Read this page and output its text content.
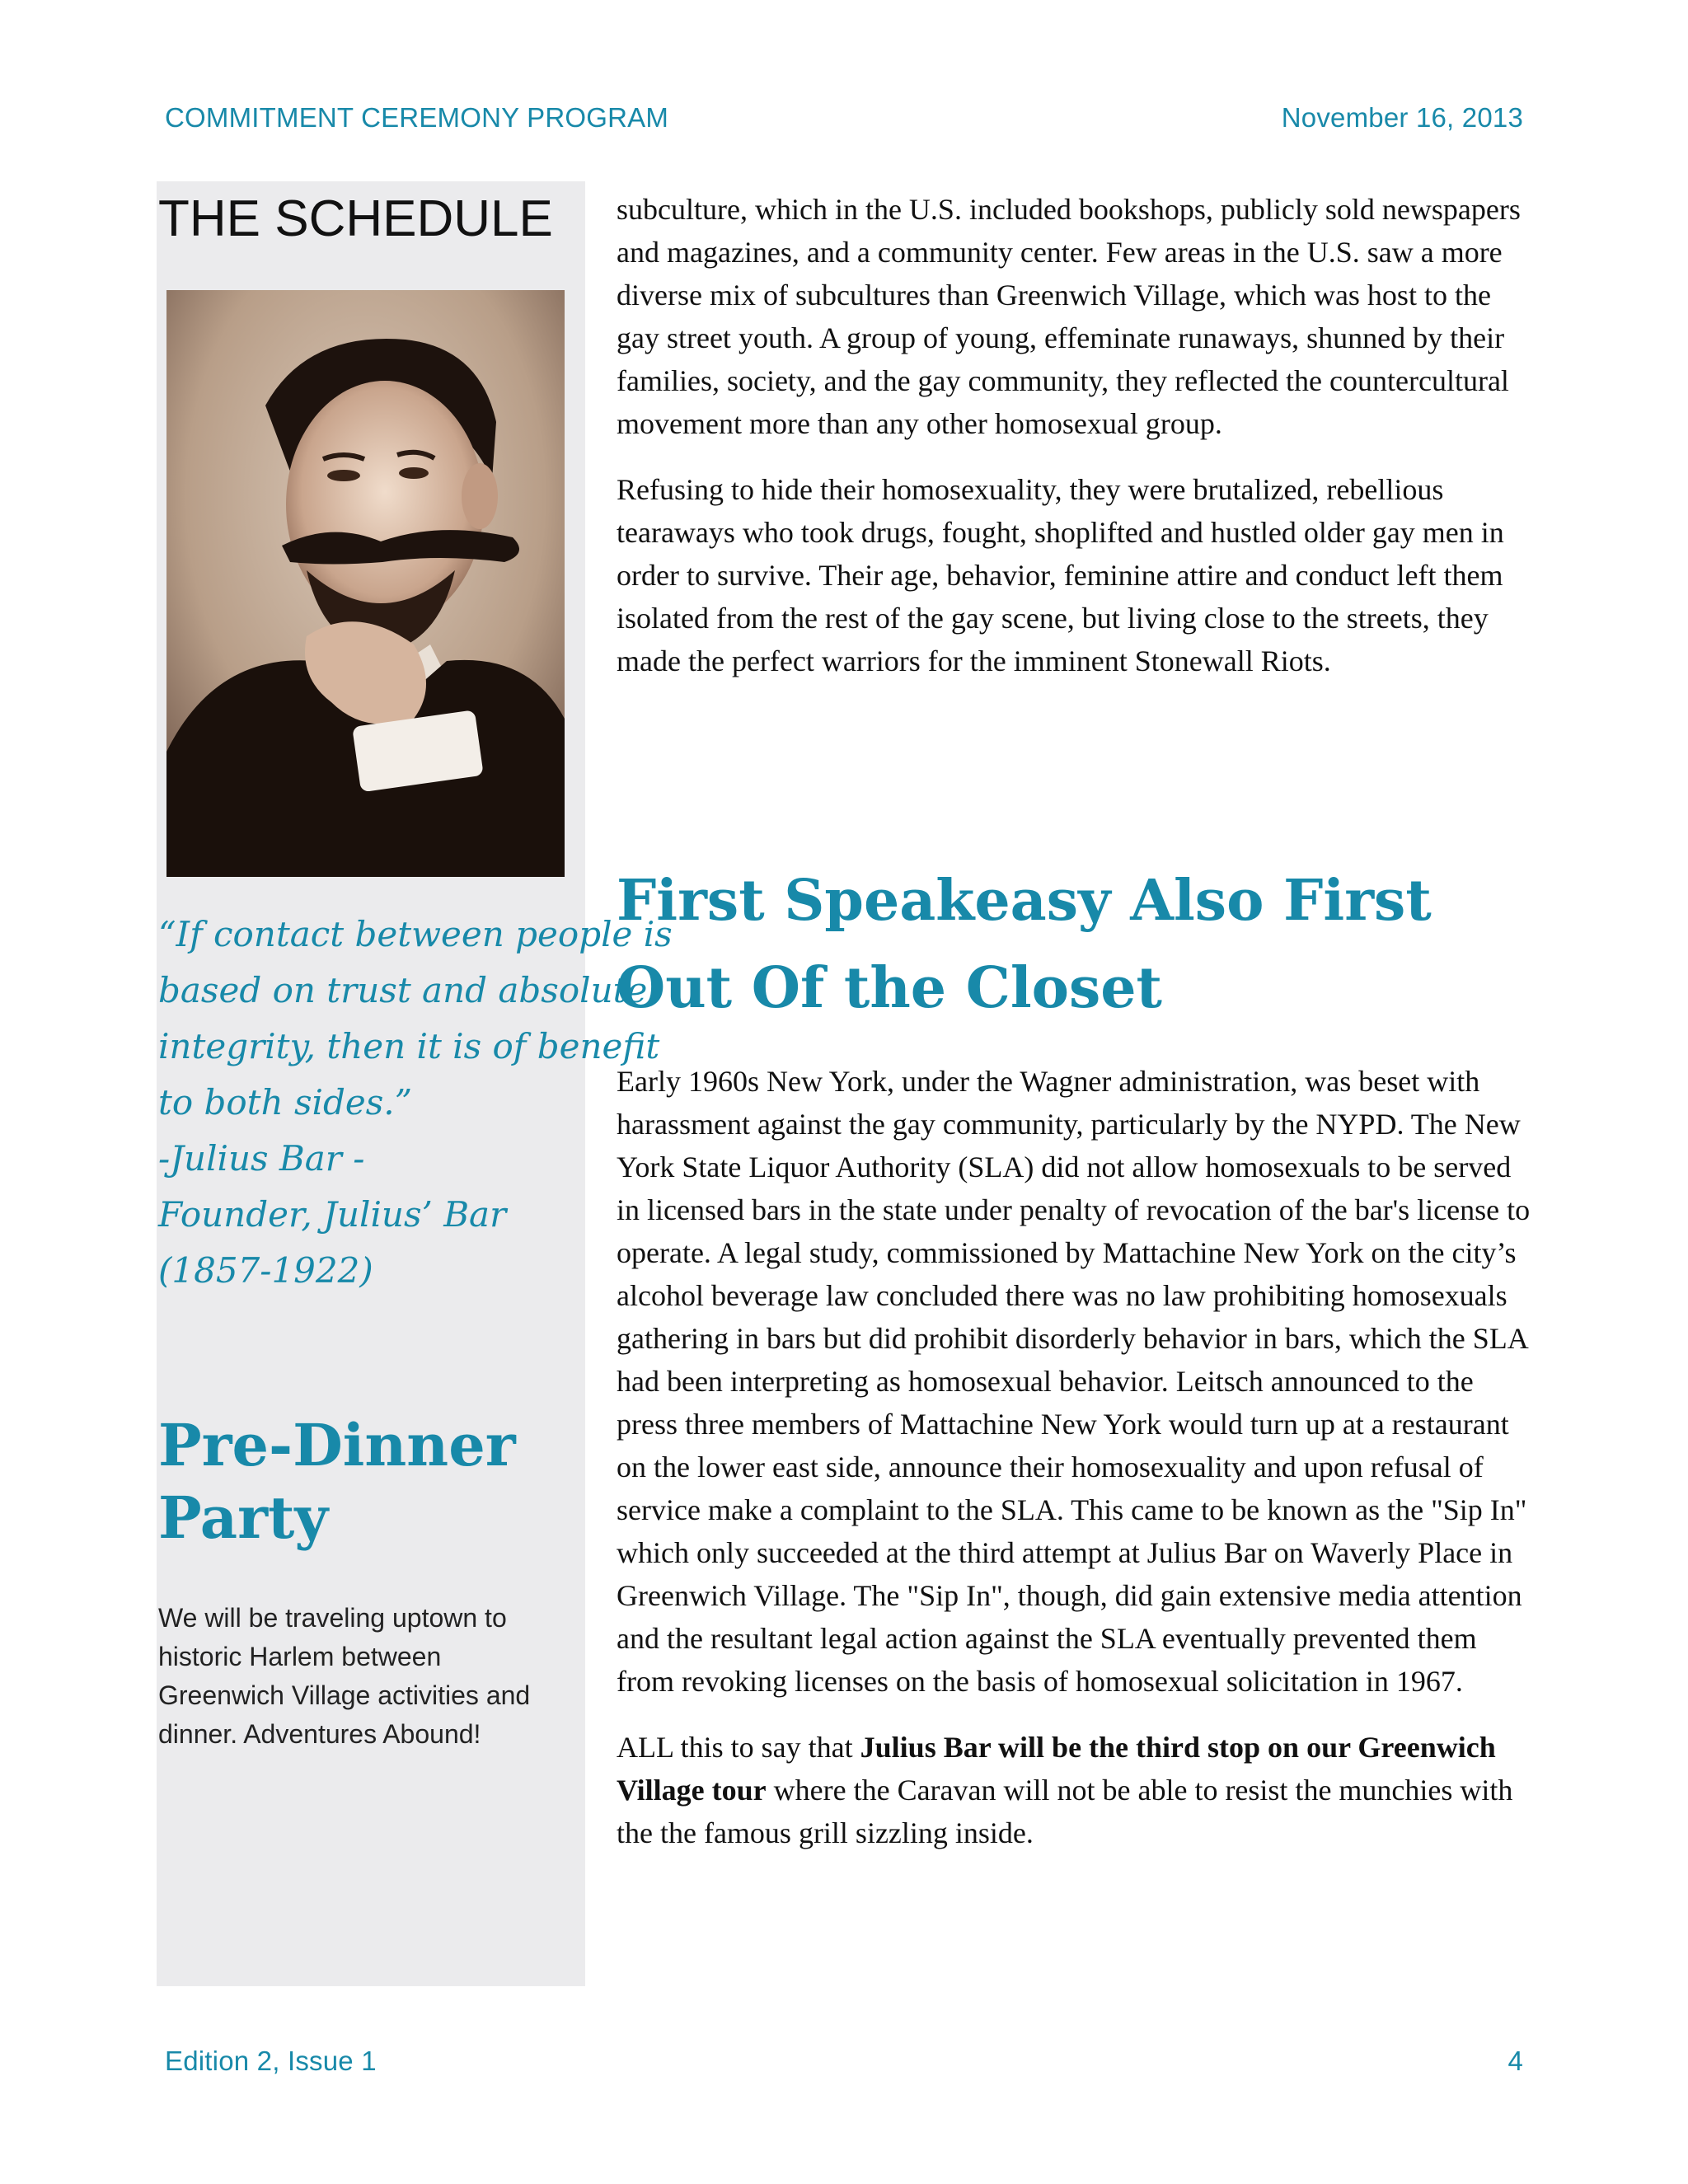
COMMITMENT CEREMONY PROGRAM	November 16, 2013
THE SCHEDULE
“If contact between people is
based on trust and absolute
integrity, then it is of benefit
to both sides.”
-Julius Bar -
Founder, Julius’ Bar
(1857-1922)
Pre-Dinner Party

We will be traveling uptown to historic Harlem between Greenwich Village activities and dinner. Adventures Abound!

subculture, which in the U.S. included bookshops, publicly sold newspapers and magazines, and a community center. Few areas in the U.S. saw a more diverse mix of subcultures than Greenwich Village, which was host to the gay street youth. A group of young, effeminate runaways, shunned by their families, society, and the gay community, they reflected the countercultural movement more than any other homosexual group.

Refusing to hide their homosexuality, they were brutalized, rebellious tearaways who took drugs, fought, shoplifted and hustled older gay men in order to survive. Their age, behavior, feminine attire and conduct left them isolated from the rest of the gay scene, but living close to the streets, they made the perfect warriors for the imminent Stonewall Riots.

First Speakeasy Also First Out Of the Closet

Early 1960s New York, under the Wagner administration, was beset with harassment against the gay community, particularly by the NYPD. The New York State Liquor Authority (SLA) did not allow homosexuals to be served in licensed bars in the state under penalty of revocation of the bar's license to operate. A legal study, commissioned by Mattachine New York on the city’s alcohol beverage law concluded there was no law prohibiting homosexuals gathering in bars but did prohibit disorderly behavior in bars, which the SLA had been interpreting as homosexual behavior. Leitsch announced to the press three members of Mattachine New York would turn up at a restaurant on the lower east side, announce their homosexuality and upon refusal of service make a complaint to the SLA. This came to be known as the "Sip In" which only succeeded at the third attempt at Julius Bar on Waverly Place in Greenwich Village. The "Sip In", though, did gain extensive media attention and the resultant legal action against the SLA eventually prevented them from revoking licenses on the basis of homosexual solicitation in 1967.

ALL this to say that Julius Bar will be the third stop on our Greenwich Village tour where the Caravan will not be able to resist the munchies with the the famous grill sizzling inside.

Edition 2, Issue 1	4
